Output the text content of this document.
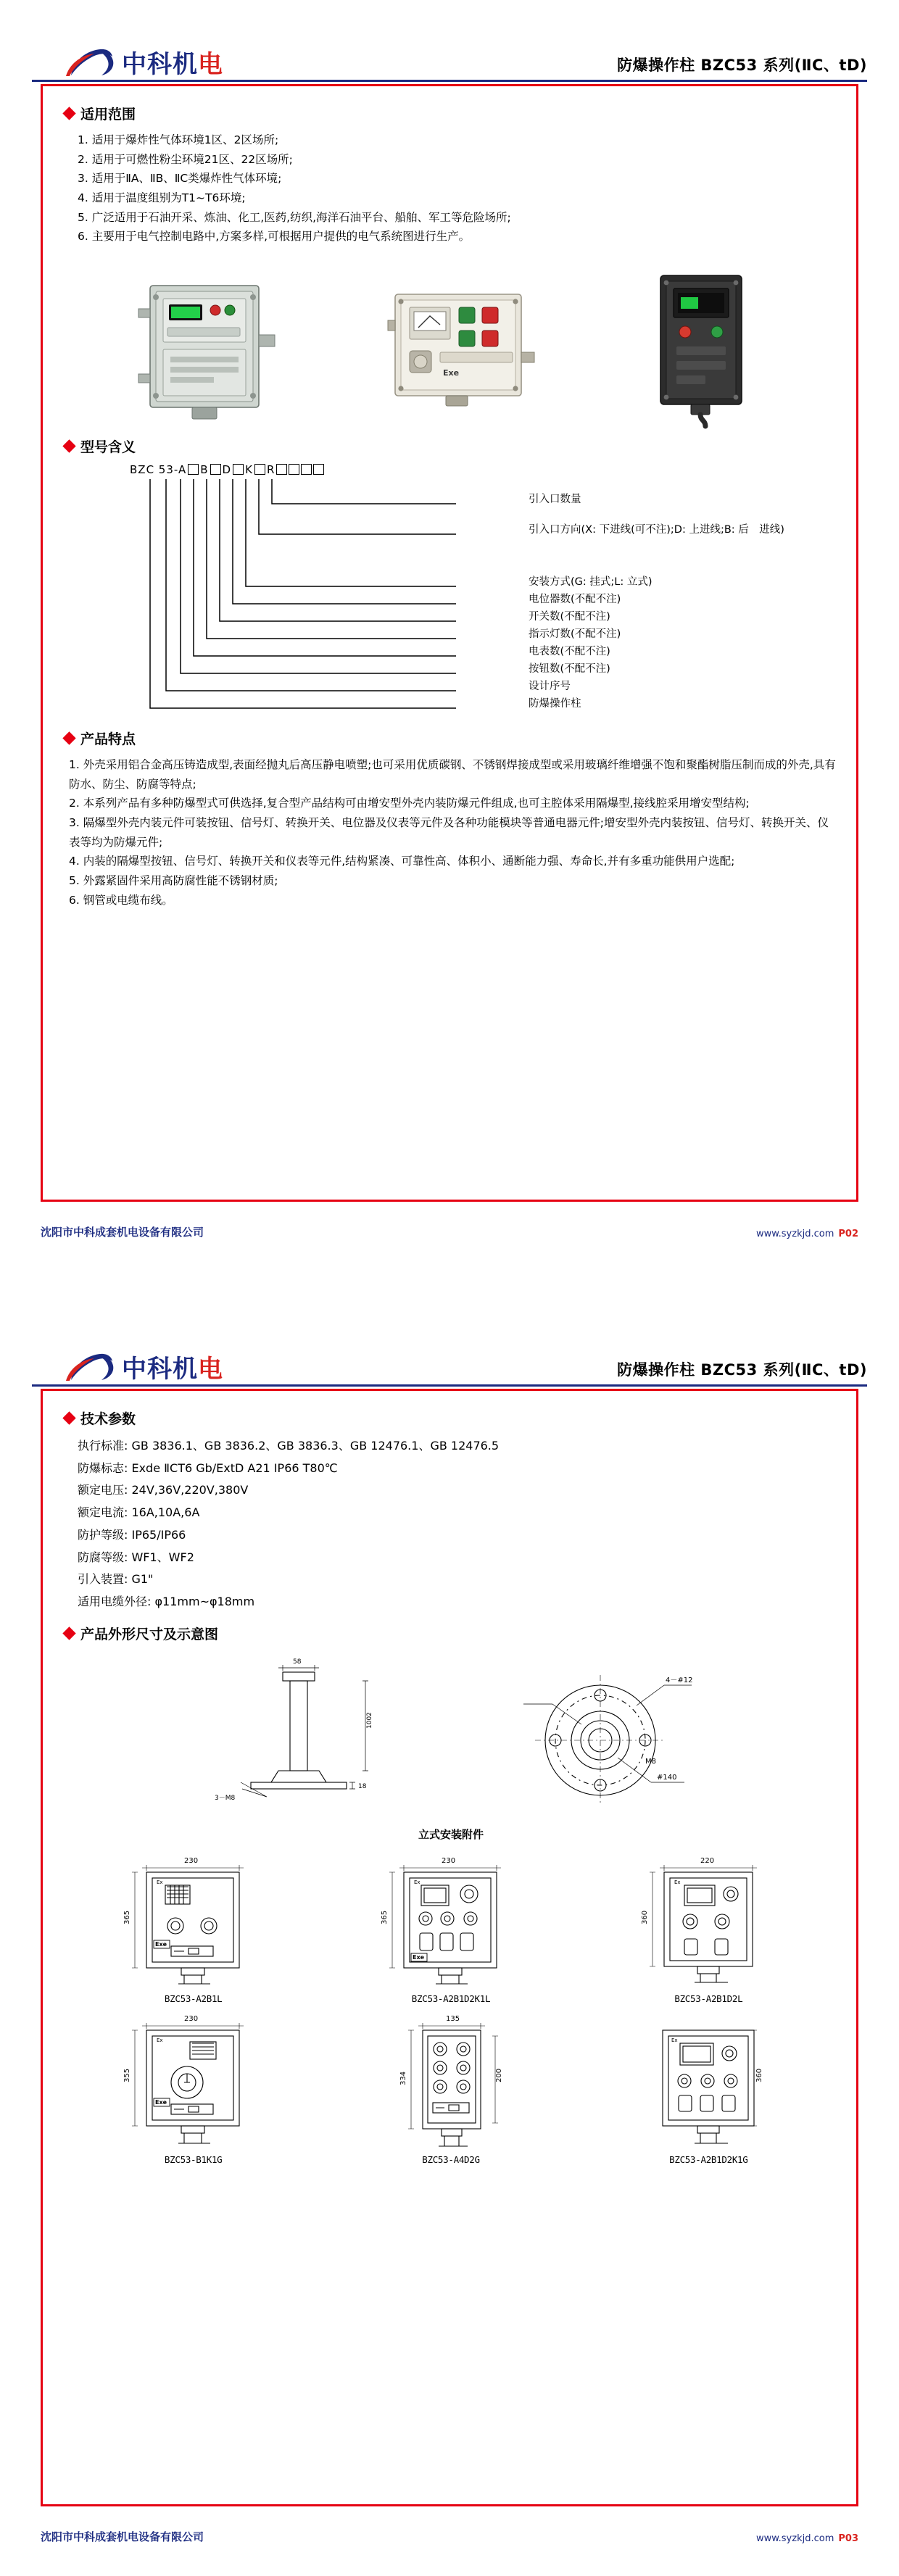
中科机电	防爆操作柱 BZC53 系列(ⅡC、tD)
适用范围
1. 适用于爆炸性气体环境1区、2区场所;
2. 适用于可燃性粉尘环境21区、22区场所;
3. 适用于ⅡA、ⅡB、ⅡC类爆炸性气体环境;
4. 适用于温度组别为T1~T6环境;
5. 广泛适用于石油开采、炼油、化工,医药,纺织,海洋石油平台、船舶、军工等危险场所;
6. 主要用于电气控制电路中,方案多样,可根据用户提供的电气系统图进行生产。
Exe
型号含义
BZC 53-A B D K R
引入口数量
引入口方向(X: 下进线(可不注);D: 上进线;B: 后　进线)
安装方式(G: 挂式;L: 立式)
电位器数(不配不注)
开关数(不配不注)
指示灯数(不配不注)
电表数(不配不注)
按钮数(不配不注)
设计序号
防爆操作柱
产品特点
1. 外壳采用铝合金高压铸造成型,表面经抛丸后高压静电喷塑;也可采用优质碳钢、不锈钢焊接成型或采用玻璃纤维增强不饱和聚酯树脂压制而成的外壳,具有防水、防尘、防腐等特点;
2. 本系列产品有多种防爆型式可供选择,复合型产品结构可由增安型外壳内装防爆元件组成,也可主腔体采用隔爆型,接线腔采用增安型结构;
3. 隔爆型外壳内装元件可装按钮、信号灯、转换开关、电位器及仪表等元件及各种功能模块等普通电器元件;增安型外壳内装按钮、信号灯、转换开关、仪表等均为防爆元件;
4. 内装的隔爆型按钮、信号灯、转换开关和仪表等元件,结构紧凑、可靠性高、体积小、通断能力强、寿命长,并有多重功能供用户选配;
5. 外露紧固件采用高防腐性能不锈钢材质;
6. 钢管或电缆布线。
沈阳市中科成套机电设备有限公司	www.syzkjd.com P02
中科机电	防爆操作柱 BZC53 系列(ⅡC、tD)
技术参数
执行标准: GB 3836.1、GB 3836.2、GB 3836.3、GB 12476.1、GB 12476.5
防爆标志: Exde ⅡCT6 Gb/ExtD A21 IP66 T80℃
额定电压: 24V,36V,220V,380V
额定电流: 16A,10A,6A
防护等级: IP65/IP66
防腐等级: WF1、WF2
引入装置: G1"
适用电缆外径: φ11mm~φ18mm
产品外形尺寸及示意图
58
1002
18
3－M8
4－#12
#140
M8
立式安装附件
230
365
Ex
Exe
BZC53-A2B1L
230
365
Ex
Exe
BZC53-A2B1D2K1L
220
360
Ex
BZC53-A2B1D2L
230
355
Ex
Exe
BZC53-B1K1G
135
334	200
BZC53-A4D2G
360
Ex
BZC53-A2B1D2K1G
沈阳市中科成套机电设备有限公司	www.syzkjd.com P03
